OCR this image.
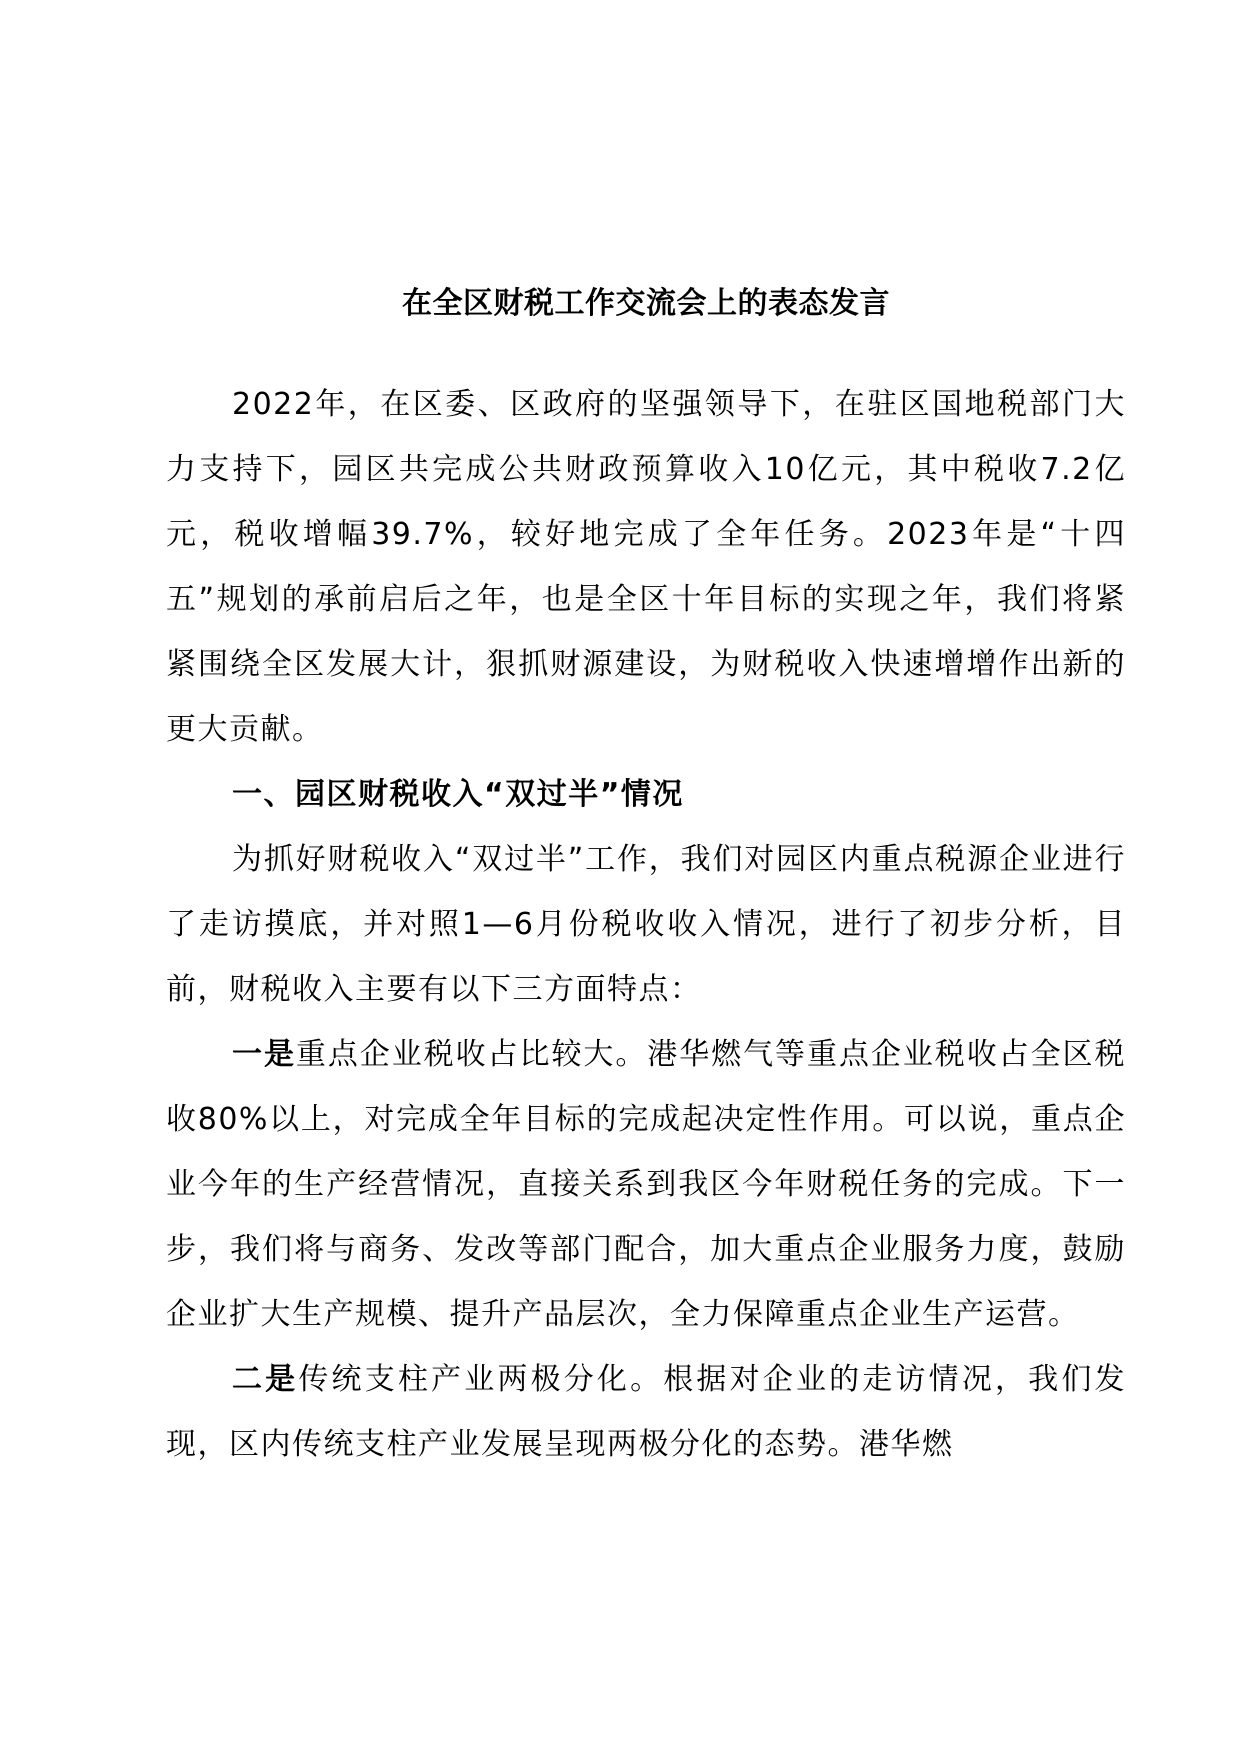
在全区财税工作交流会上的表态发言

2022年，在区委、区政府的坚强领导下，在驻区国地税部门大力支持下，园区共完成公共财政预算收入10亿元，其中税收7.2亿元，税收增幅39.7%，较好地完成了全年任务。2023年是“十四五”规划的承前启后之年，也是全区十年目标的实现之年，我们将紧紧围绕全区发展大计，狠抓财源建设，为财税收入快速增增作出新的更大贡献。

一、园区财税收入“双过半”情况

为抓好财税收入“双过半”工作，我们对园区内重点税源企业进行了走访摸底，并对照1—6月份税收收入情况，进行了初步分析，目前，财税收入主要有以下三方面特点：

一是重点企业税收占比较大。港华燃气等重点企业税收占全区税收80%以上，对完成全年目标的完成起决定性作用。可以说，重点企业今年的生产经营情况，直接关系到我区今年财税任务的完成。下一步，我们将与商务、发改等部门配合，加大重点企业服务力度，鼓励企业扩大生产规模、提升产品层次，全力保障重点企业生产运营。

二是传统支柱产业两极分化。根据对企业的走访情况，我们发现，区内传统支柱产业发展呈现两极分化的态势。港华燃
